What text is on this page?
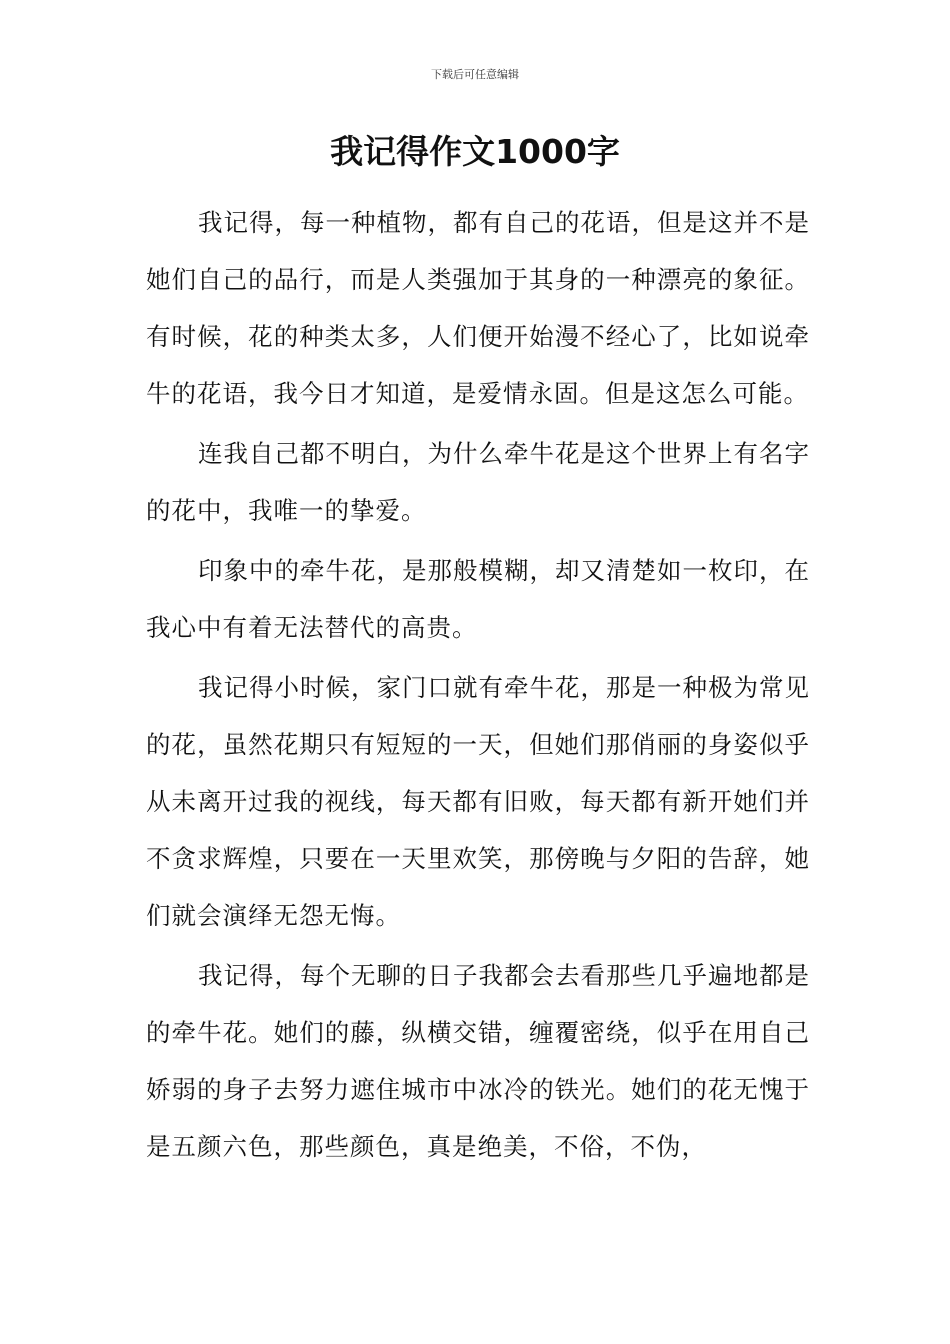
下载后可任意编辑
我记得作文1000字

我记得，每一种植物，都有自己的花语，但是这并不是她们自己的品行，而是人类强加于其身的一种漂亮的象征。有时候，花的种类太多，人们便开始漫不经心了，比如说牵牛的花语，我今日才知道，是爱情永固。但是这怎么可能。

连我自己都不明白，为什么牵牛花是这个世界上有名字的花中，我唯一的挚爱。

印象中的牵牛花，是那般模糊，却又清楚如一枚印，在我心中有着无法替代的高贵。

我记得小时候，家门口就有牵牛花，那是一种极为常见的花，虽然花期只有短短的一天，但她们那俏丽的身姿似乎从未离开过我的视线，每天都有旧败，每天都有新开她们并不贪求辉煌，只要在一天里欢笑，那傍晚与夕阳的告辞，她们就会演绎无怨无悔。

我记得，每个无聊的日子我都会去看那些几乎遍地都是的牵牛花。她们的藤，纵横交错，缠覆密绕，似乎在用自己娇弱的身子去努力遮住城市中冰冷的铁光。她们的花无愧于是五颜六色，那些颜色，真是绝美，不俗，不伪，
